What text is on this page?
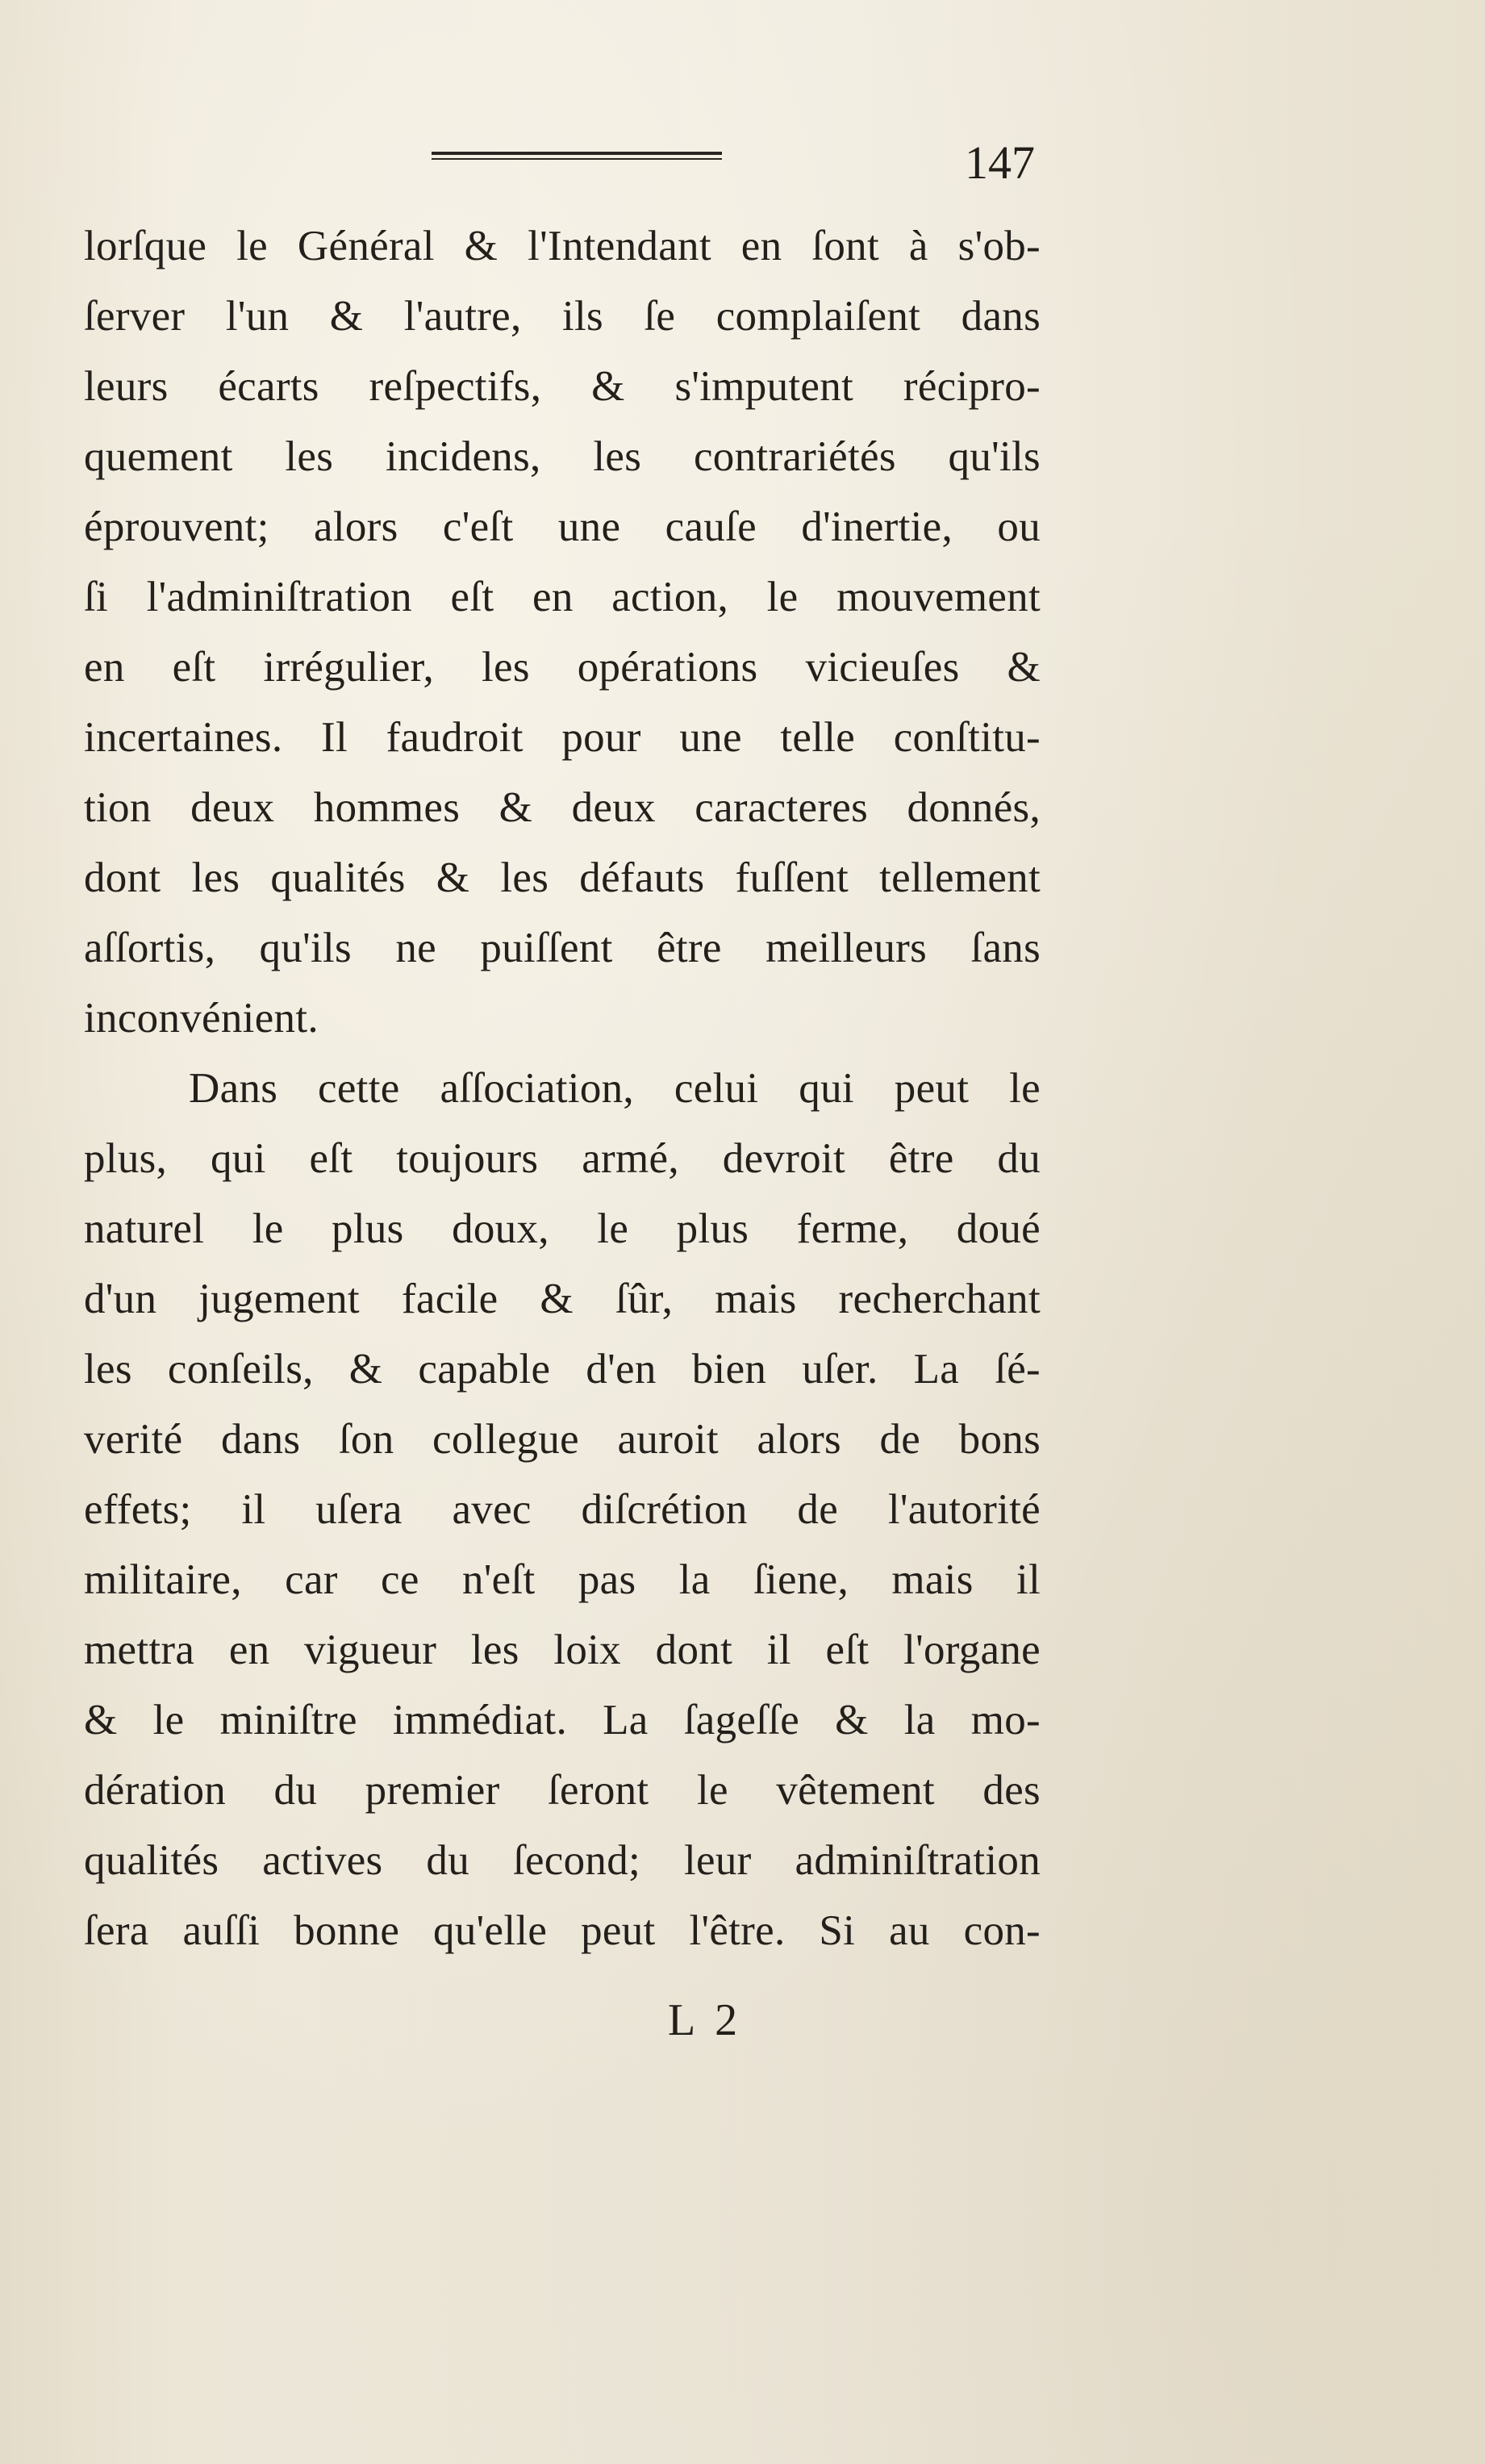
147
lorſque le Général & l'Intendant en ſont à s'ob-
ſerver l'un & l'autre, ils ſe complaiſent dans
leurs écarts reſpectifs, & s'imputent récipro-
quement les incidens, les contrariétés qu'ils
éprouvent; alors c'eſt une cauſe d'inertie, ou
ſi l'adminiſtration eſt en action, le mouvement
en eſt irrégulier, les opérations vicieuſes &
incertaines. Il faudroit pour une telle conſtitu-
tion deux hommes & deux caracteres donnés,
dont les qualités & les défauts fuſſent tellement
aſſortis, qu'ils ne puiſſent être meilleurs ſans
inconvénient.
Dans cette aſſociation, celui qui peut le
plus, qui eſt toujours armé, devroit être du
naturel le plus doux, le plus ferme, doué
d'un jugement facile & ſûr, mais recherchant
les conſeils, & capable d'en bien uſer. La ſé-
verité dans ſon collegue auroit alors de bons
effets; il uſera avec diſcrétion de l'autorité
militaire, car ce n'eſt pas la ſiene, mais il
mettra en vigueur les loix dont il eſt l'organe
& le miniſtre immédiat. La ſageſſe & la mo-
dération du premier ſeront le vêtement des
qualités actives du ſecond; leur adminiſtration
ſera auſſi bonne qu'elle peut l'être. Si au con-
L 2
